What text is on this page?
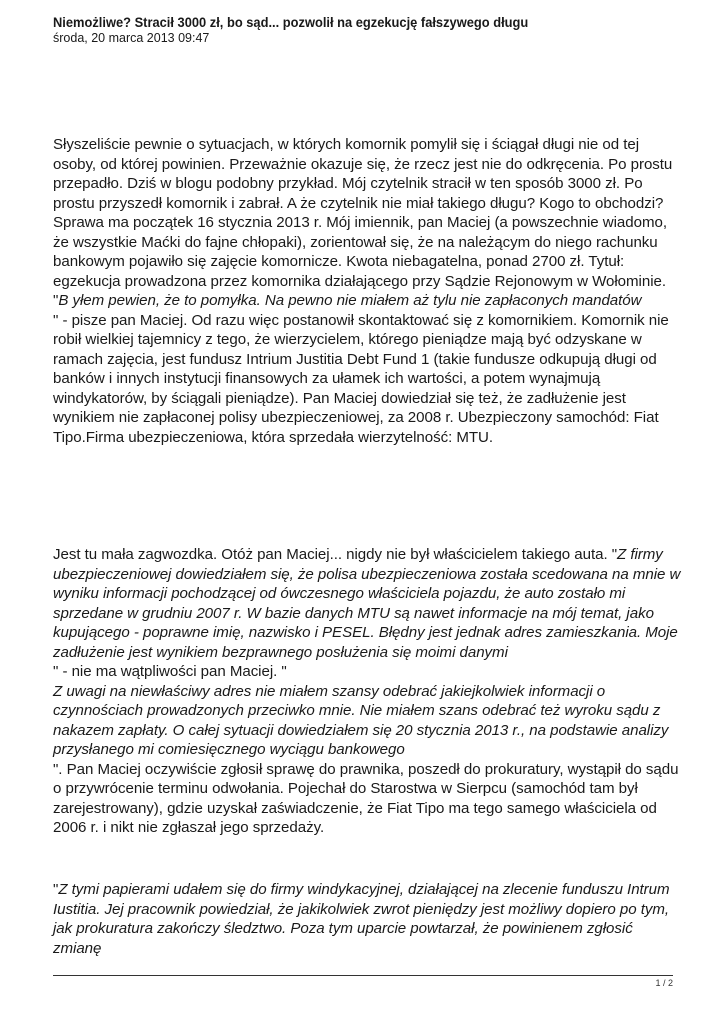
Niemożliwe? Stracił 3000 zł, bo sąd... pozwolił na egzekucję fałszywego długu
środa, 20 marca 2013 09:47

Słyszeliście pewnie o sytuacjach, w których komornik pomylił się i ściągał długi nie od tej osoby, od której powinien. Przeważnie okazuje się, że rzecz jest nie do odkręcenia. Po prostu przepadło. Dziś w blogu podobny przykład. Mój czytelnik stracił w ten sposób 3000 zł. Po prostu przyszedł komornik i zabrał. A że czytelnik nie miał takiego długu? Kogo to obchodzi? Sprawa ma początek 16 stycznia 2013 r. Mój imiennik, pan Maciej (a powszechnie wiadomo, że wszystkie Maćki do fajne chłopaki), zorientował się, że na należącym do niego rachunku bankowym pojawiło się zajęcie komornicze. Kwota niebagatelna, ponad 2700 zł. Tytuł: egzekucja prowadzona przez komornika działającego przy Sądzie Rejonowym w Wołominie. "B yłem pewien, że to pomyłka. Na pewno nie miałem aż tylu nie zapłaconych mandatów
" - pisze pan Maciej. Od razu więc postanowił skontaktować się z komornikiem. Komornik nie robił wielkiej tajemnicy z tego, że wierzycielem, którego pieniądze mają być odzyskane w ramach zajęcia, jest fundusz Intrium Justitia Debt Fund 1 (takie fundusze odkupują długi od banków i innych instytucji finansowych za ułamek ich wartości, a potem wynajmują windykatorów, by ściągali pieniądze). Pan Maciej dowiedział się też, że zadłużenie jest wynikiem nie zapłaconej polisy ubezpieczeniowej, za 2008 r. Ubezpieczony samochód: Fiat Tipo.Firma ubezpieczeniowa, która sprzedała wierzytelność: MTU.

Jest tu mała zagwozdka. Otóż pan Maciej... nigdy nie był właścicielem takiego auta. "Z firmy ubezpieczeniowej dowiedziałem się, że polisa ubezpieczeniowa została scedowana na mnie w wyniku informacji pochodzącej od ówczesnego właściciela pojazdu, że auto zostało mi sprzedane w grudniu 2007 r. W bazie danych MTU są nawet informacje na mój temat, jako kupującego - poprawne imię, nazwisko i PESEL. Błędny jest jednak adres zamieszkania. Moje zadłużenie jest wynikiem bezprawnego posłużenia się moimi danymi
" - nie ma wątpliwości pan Maciej. "
Z uwagi na niewłaściwy adres nie miałem szansy odebrać jakiejkolwiek informacji o czynnościach prowadzonych przeciwko mnie. Nie miałem szans odebrać też wyroku sądu z nakazem zapłaty. O całej sytuacji dowiedziałem się 20 stycznia 2013 r., na podstawie analizy przysłanego mi comiesięcznego wyciągu bankowego
". Pan Maciej oczywiście zgłosił sprawę do prawnika, poszedł do prokuratury, wystąpił do sądu o przywrócenie terminu odwołania. Pojechał do Starostwa w Sierpcu (samochód tam był zarejestrowany), gdzie uzyskał zaświadczenie, że Fiat Tipo ma tego samego właściciela od 2006 r. i nikt nie zgłaszał jego sprzedaży.

"Z tymi papierami udałem się do firmy windykacyjnej, działającej na zlecenie funduszu Intrum Iustitia. Jej pracownik powiedział, że jakikolwiek zwrot pieniędzy jest możliwy dopiero po tym, jak prokuratura zakończy śledztwo. Poza tym uparcie powtarzał, że powinienem zgłosić zmianę

1 / 2
